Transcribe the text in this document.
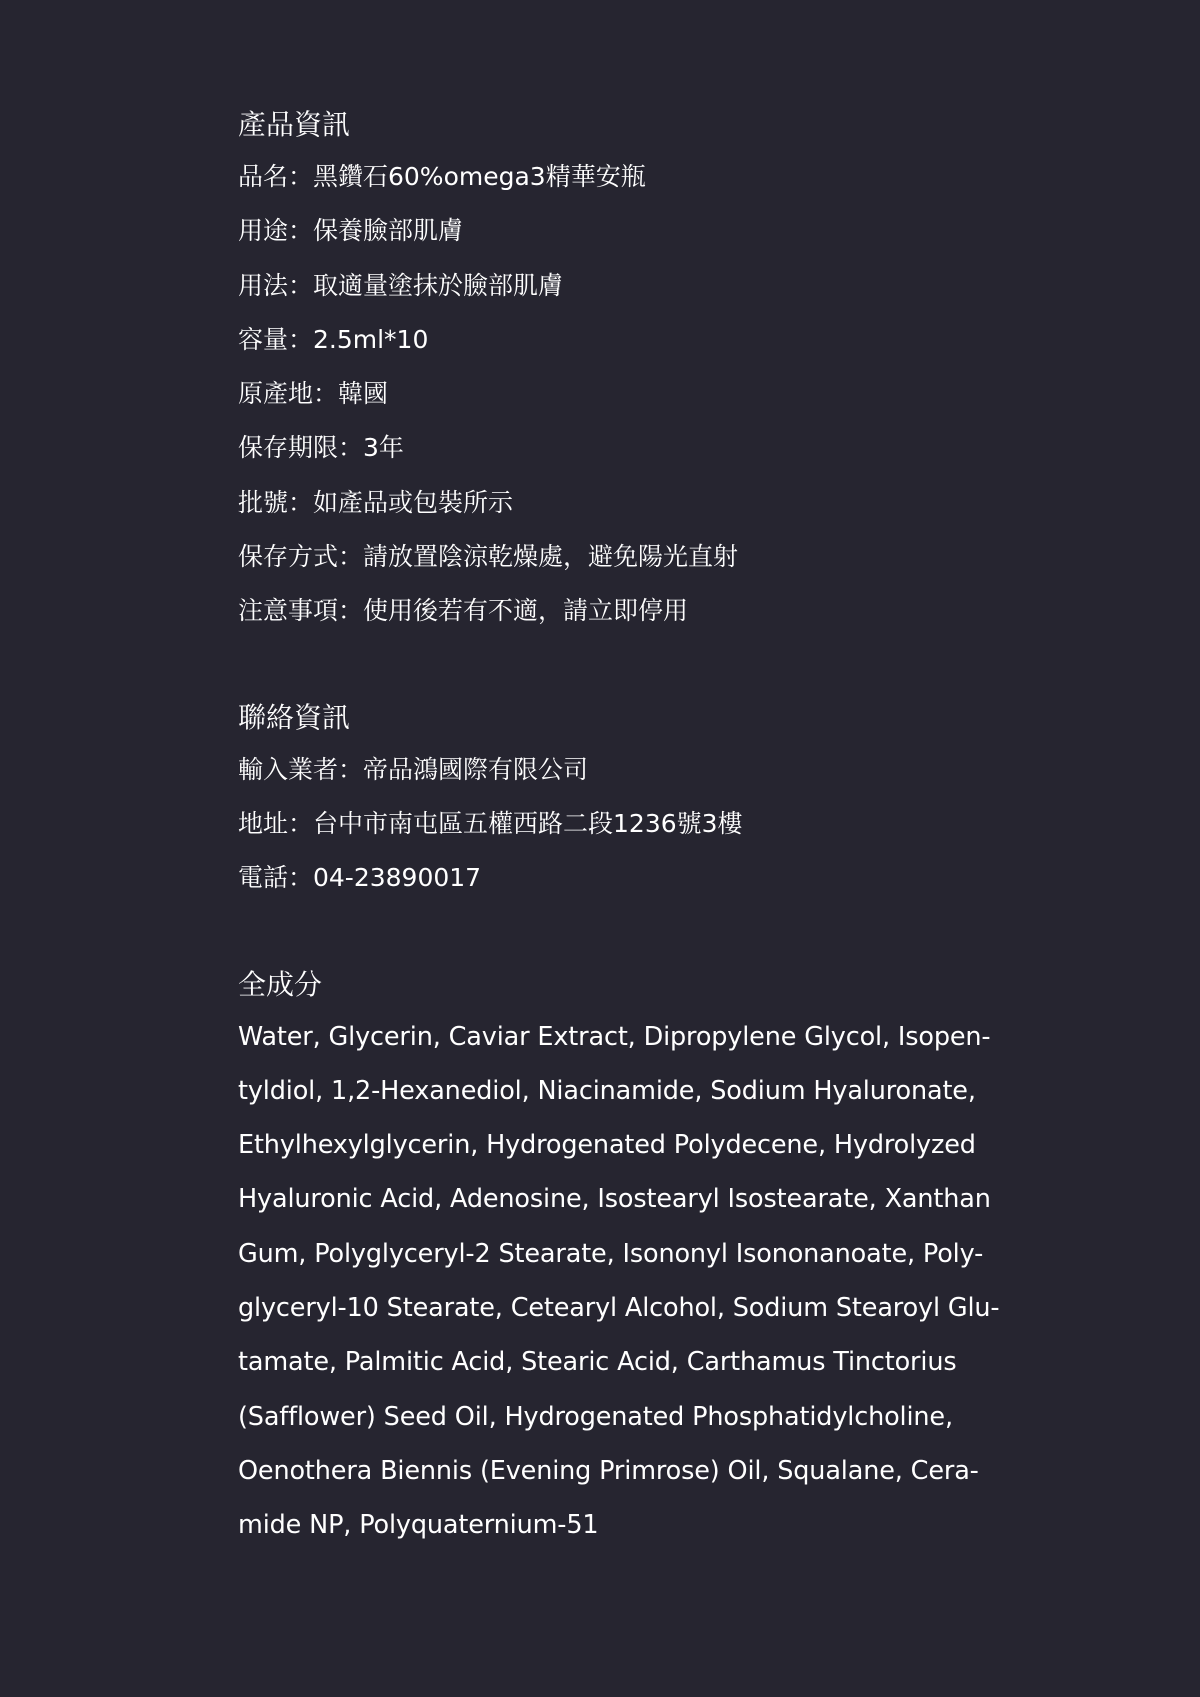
產品資訊
品名：黑鑽石60%omega3精華安瓶
用途：保養臉部肌膚
用法：取適量塗抹於臉部肌膚
容量：2.5ml*10
原產地：韓國
保存期限：3年
批號：如產品或包裝所示
保存方式：請放置陰涼乾燥處，避免陽光直射
注意事項：使用後若有不適，請立即停用
聯絡資訊
輸入業者：帝品鴻國際有限公司
地址：台中市南屯區五權西路二段1236號3樓
電話：04-23890017
全成分
Water, Glycerin, Caviar Extract, Dipropylene Glycol, Isopen-
tyldiol, 1,2-Hexanediol, Niacinamide, Sodium Hyaluronate,
Ethylhexylglycerin, Hydrogenated Polydecene, Hydrolyzed
Hyaluronic Acid, Adenosine, Isostearyl Isostearate, Xanthan
Gum, Polyglyceryl-2 Stearate, Isononyl Isononanoate, Poly-
glyceryl-10 Stearate, Cetearyl Alcohol, Sodium Stearoyl Glu-
tamate, Palmitic Acid, Stearic Acid, Carthamus Tinctorius
(Safflower) Seed Oil, Hydrogenated Phosphatidylcholine,
Oenothera Biennis (Evening Primrose) Oil, Squalane, Cera-
mide NP, Polyquaternium-51
